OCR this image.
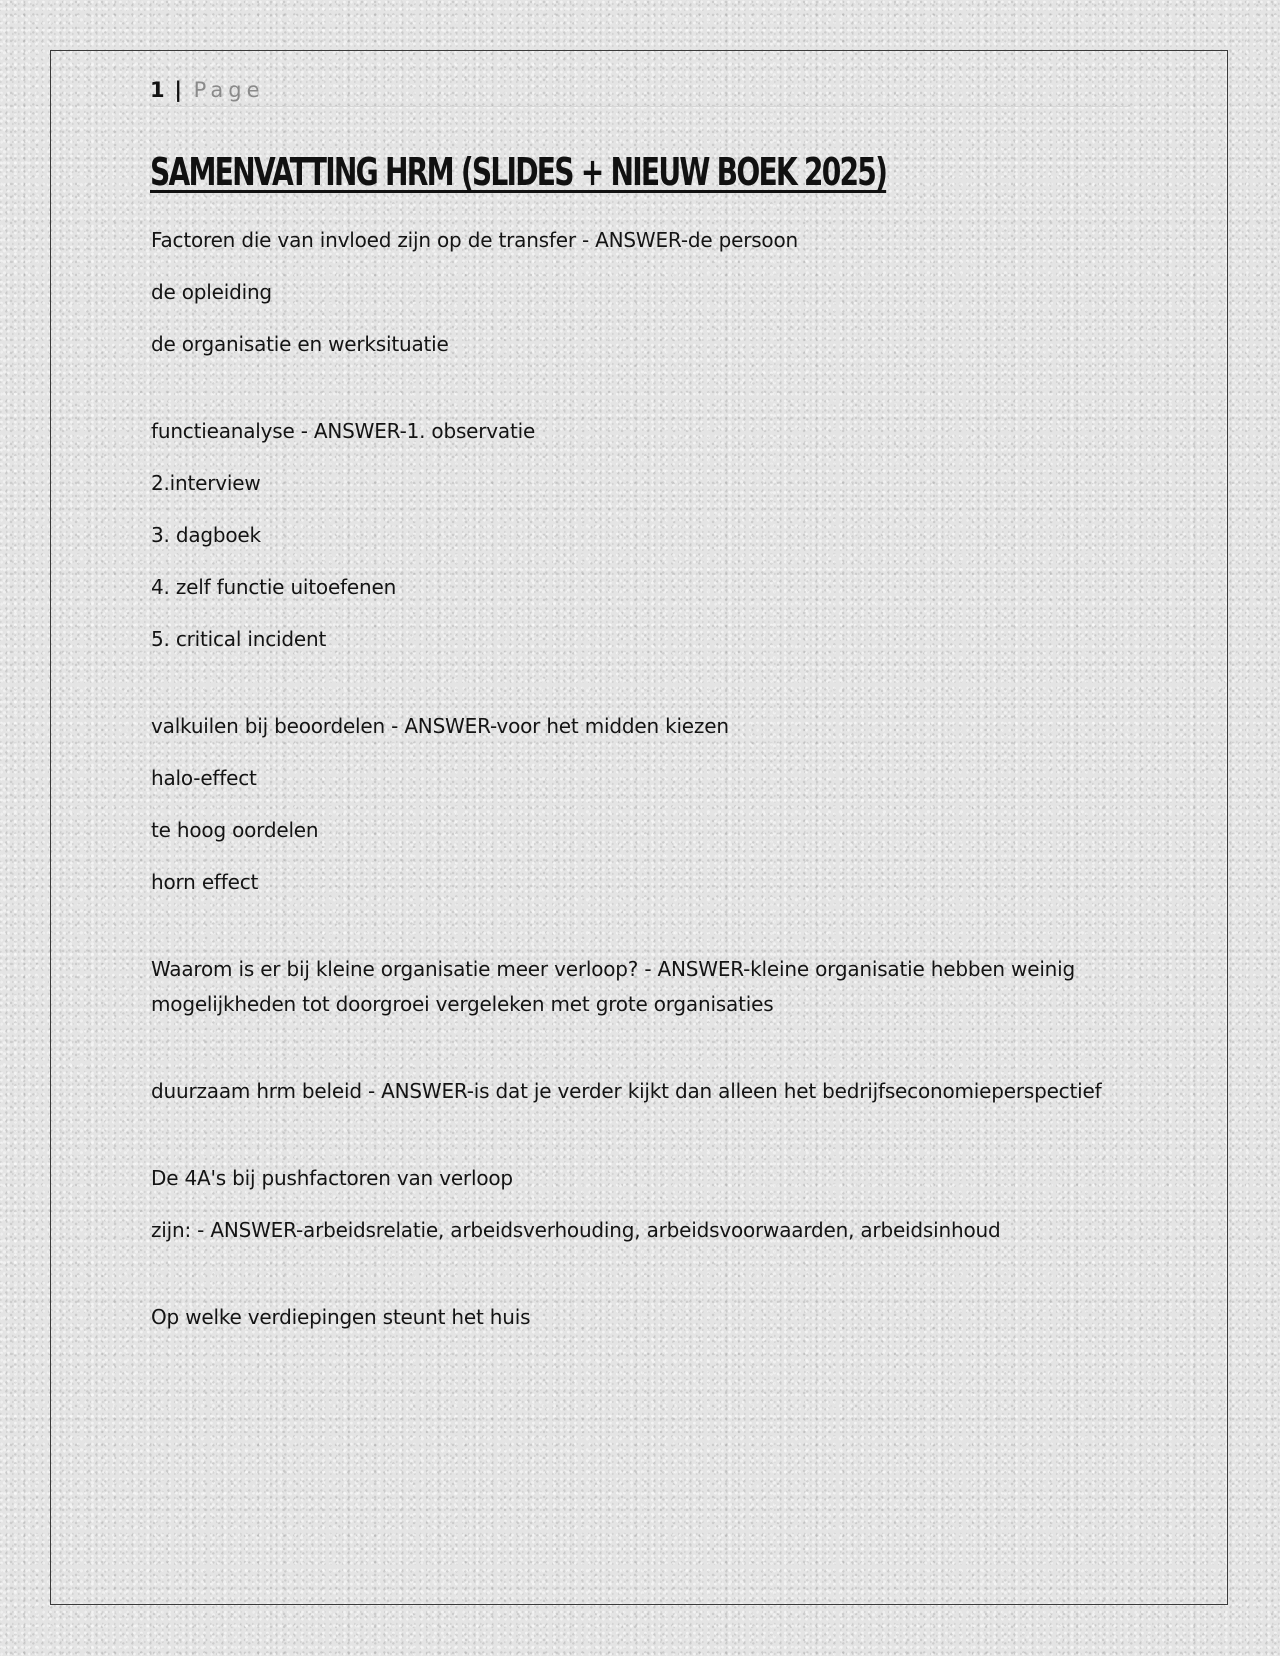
1 | Page
SAMENVATTING HRM (SLIDES + NIEUW BOEK 2025)

Factoren die van invloed zijn op de transfer - ANSWER-de persoon

de opleiding

de organisatie en werksituatie

functieanalyse - ANSWER-1. observatie

2.interview

3. dagboek

4. zelf functie uitoefenen

5. critical incident

valkuilen bij beoordelen - ANSWER-voor het midden kiezen

halo-effect

te hoog oordelen

horn effect

Waarom is er bij kleine organisatie meer verloop? - ANSWER-kleine organisatie hebben weinig mogelijkheden tot doorgroei vergeleken met grote organisaties

duurzaam hrm beleid - ANSWER-is dat je verder kijkt dan alleen het bedrijfseconomieperspectief

De 4A's bij pushfactoren van verloop

zijn: - ANSWER-arbeidsrelatie, arbeidsverhouding, arbeidsvoorwaarden, arbeidsinhoud

Op welke verdiepingen steunt het huis
